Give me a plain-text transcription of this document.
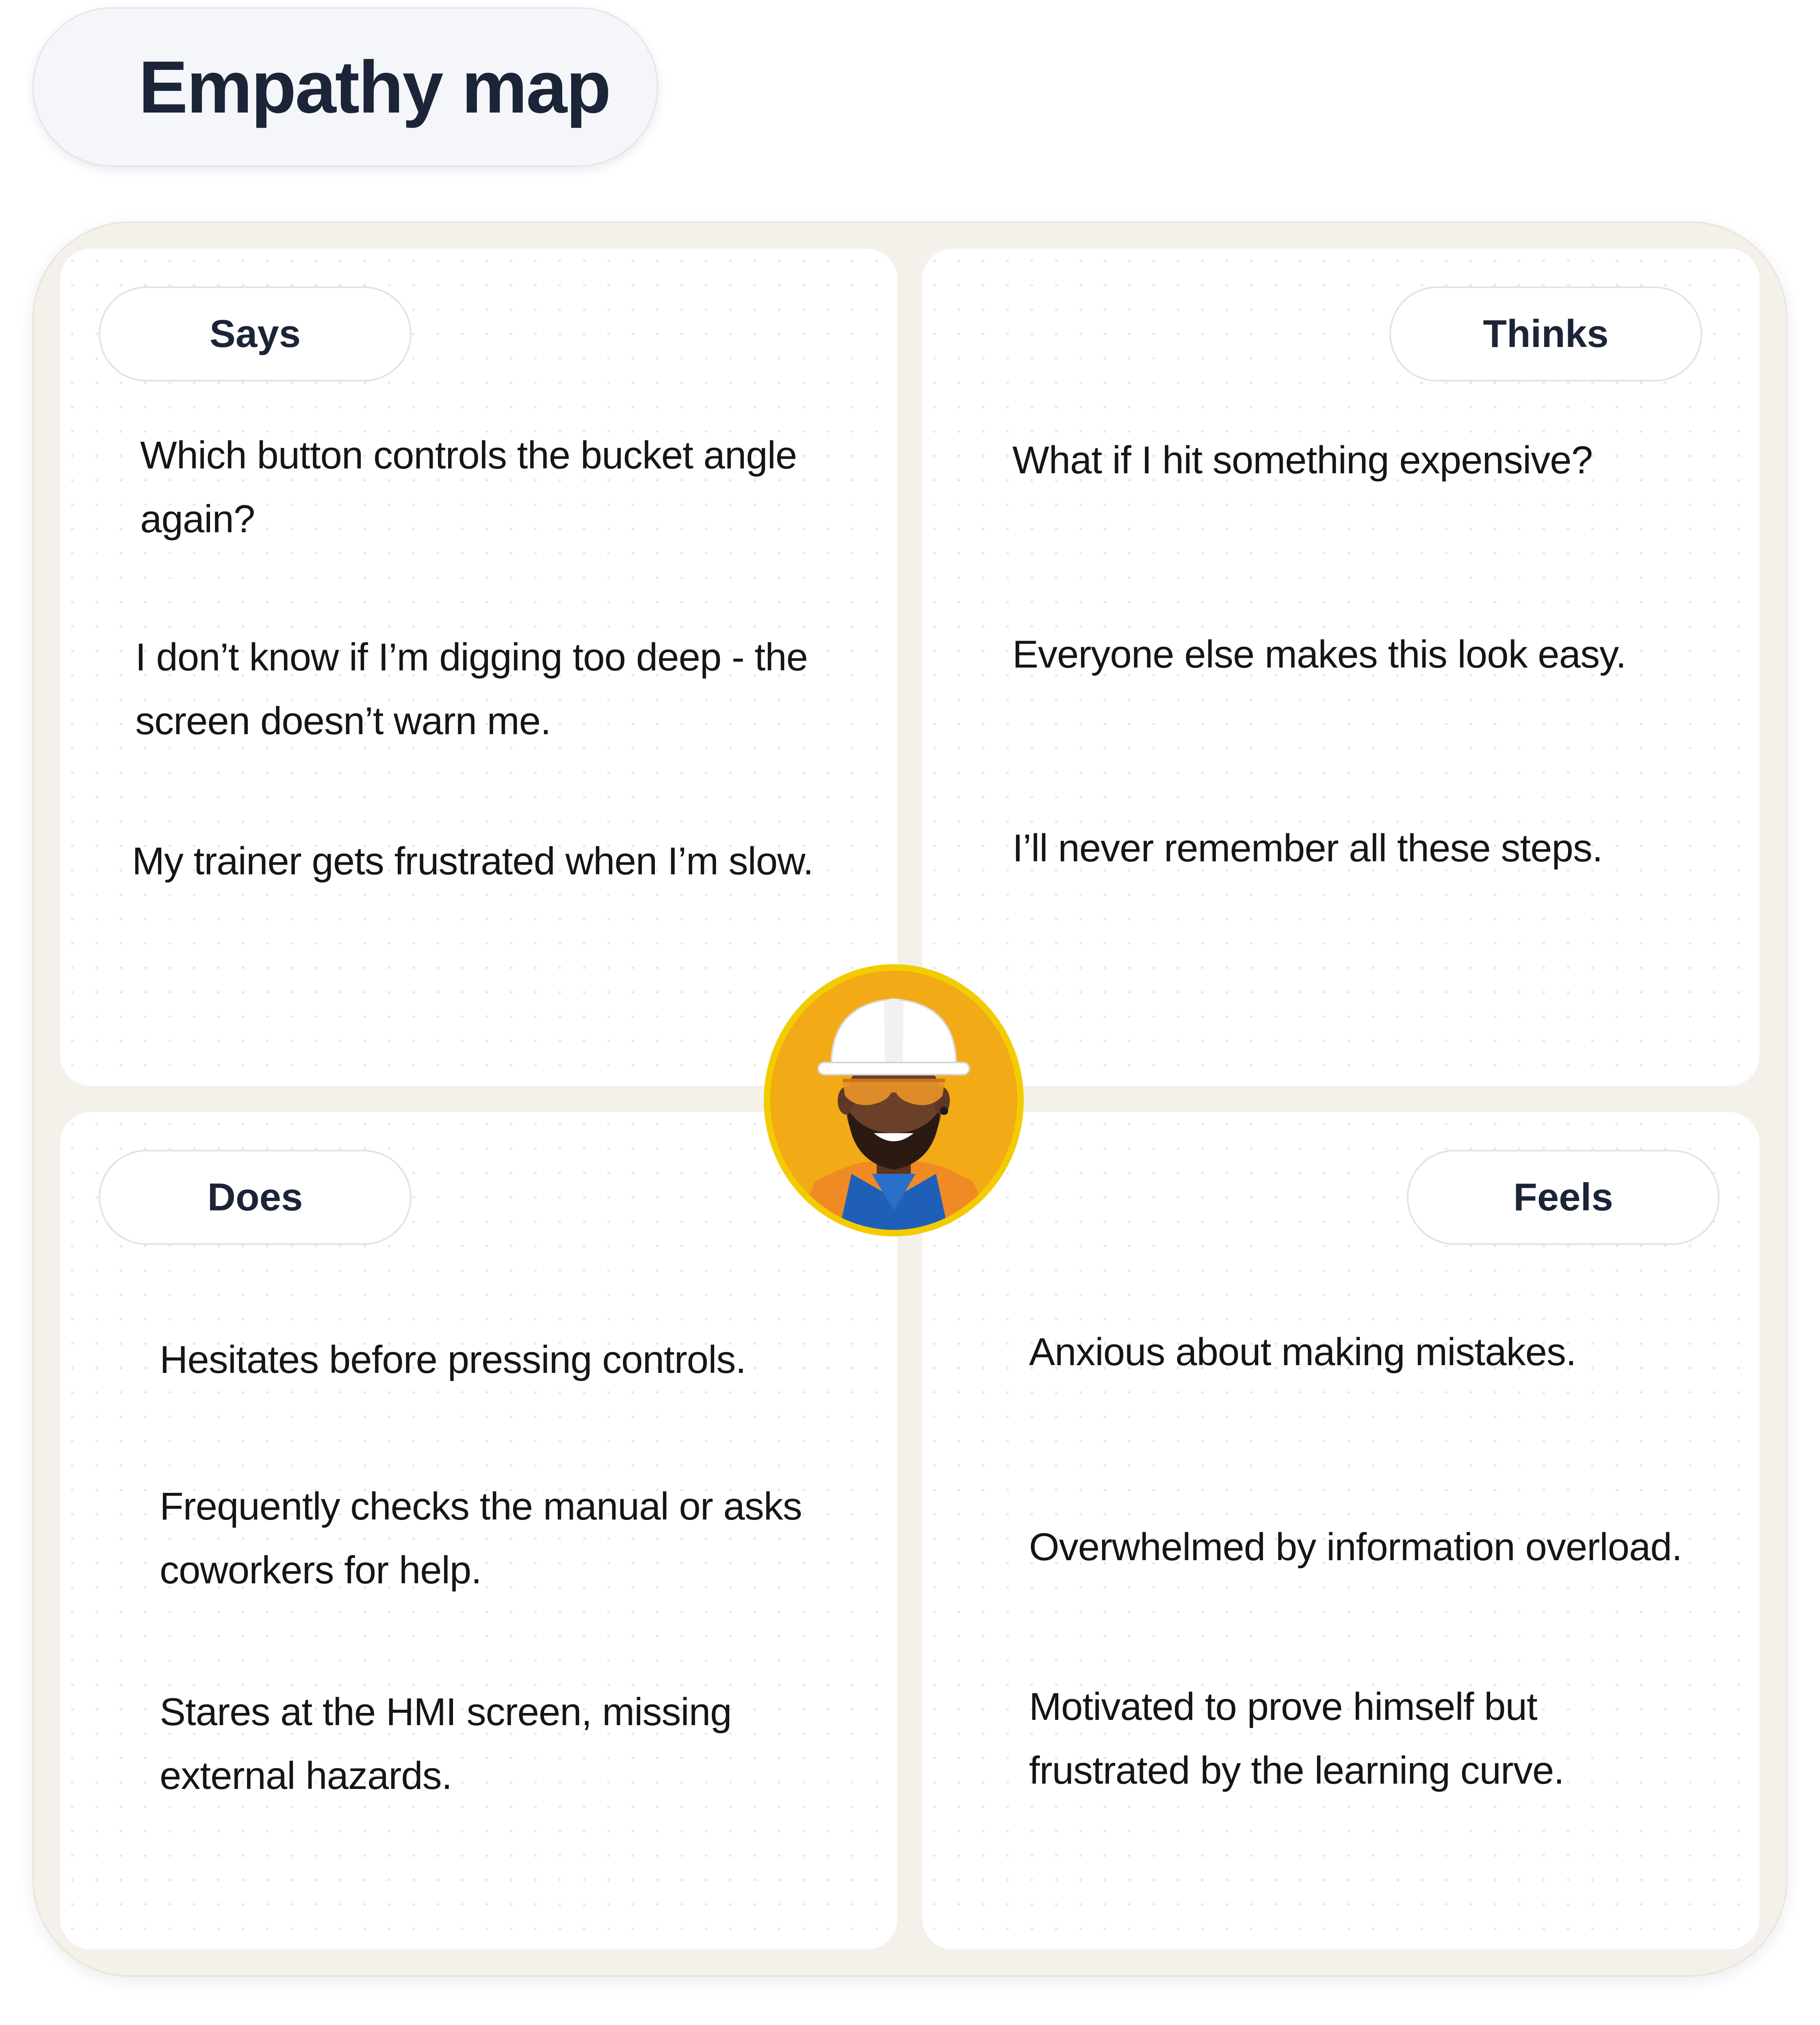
Empathy map
Says
Which button controls the bucket angle again?
I don’t know if I’m digging too deep - the screen doesn’t warn me.
My trainer gets frustrated when I’m slow.
Thinks
What if I hit something expensive?
Everyone else makes this look easy.
I’ll never remember all these steps.
Does
Hesitates before pressing controls.
Frequently checks the manual or asks coworkers for help.
Stares at the HMI screen, missing external hazards.
Feels
Anxious about making mistakes.
Overwhelmed by information overload.
Motivated to prove himself but frustrated by the learning curve.
